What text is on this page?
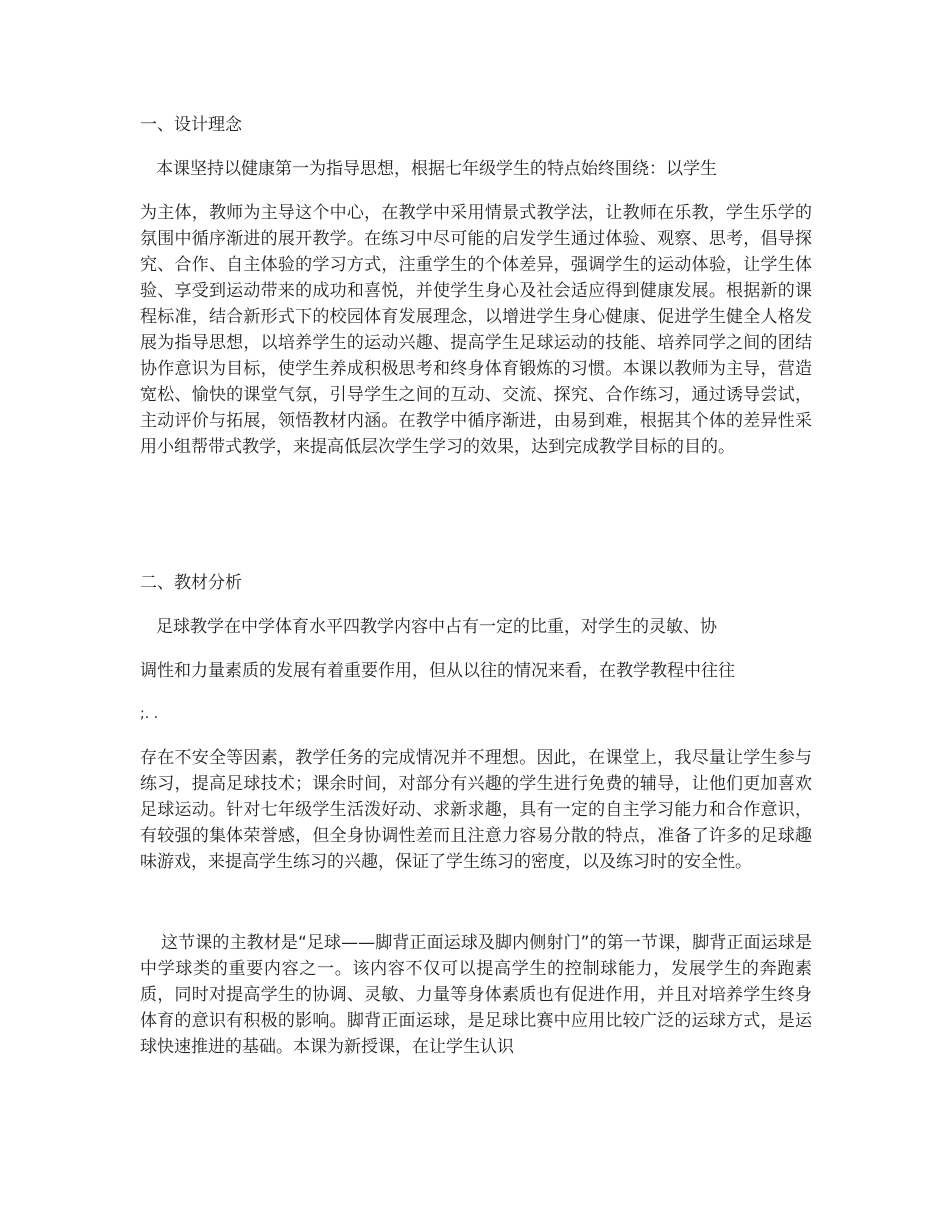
一、设计理念

本课坚持以健康第一为指导思想，根据七年级学生的特点始终围绕：以学生

为主体，教师为主导这个中心，在教学中采用情景式教学法，让教师在乐教，学生乐学的氛围中循序渐进的展开教学。在练习中尽可能的启发学生通过体验、观察、思考，倡导探究、合作、自主体验的学习方式，注重学生的个体差异，强调学生的运动体验，让学生体验、享受到运动带来的成功和喜悦，并使学生身心及社会适应得到健康发展。根据新的课程标准，结合新形式下的校园体育发展理念，以增进学生身心健康、促进学生健全人格发展为指导思想，以培养学生的运动兴趣、提高学生足球运动的技能、培养同学之间的团结协作意识为目标，使学生养成积极思考和终身体育锻炼的习惯。本课以教师为主导，营造宽松、愉快的课堂气氛，引导学生之间的互动、交流、探究、合作练习，通过诱导尝试，主动评价与拓展，领悟教材内涵。在教学中循序渐进，由易到难，根据其个体的差异性采用小组帮带式教学，来提高低层次学生学习的效果，达到完成教学目标的目的。

二、教材分析

足球教学在中学体育水平四教学内容中占有一定的比重，对学生的灵敏、协

调性和力量素质的发展有着重要作用，但从以往的情况来看，在教学教程中往往

;. .

存在不安全等因素，教学任务的完成情况并不理想。因此，在课堂上，我尽量让学生参与练习，提高足球技术；课余时间，对部分有兴趣的学生进行免费的辅导，让他们更加喜欢足球运动。针对七年级学生活泼好动、求新求趣，具有一定的自主学习能力和合作意识，有较强的集体荣誉感，但全身协调性差而且注意力容易分散的特点，准备了许多的足球趣味游戏，来提高学生练习的兴趣，保证了学生练习的密度，以及练习时的安全性。

这节课的主教材是“足球——脚背正面运球及脚内侧射门”的第一节课，脚背正面运球是中学球类的重要内容之一。该内容不仅可以提高学生的控制球能力，发展学生的奔跑素质，同时对提高学生的协调、灵敏、力量等身体素质也有促进作用，并且对培养学生终身体育的意识有积极的影响。脚背正面运球，是足球比赛中应用比较广泛的运球方式，是运球快速推进的基础。本课为新授课，在让学生认识
